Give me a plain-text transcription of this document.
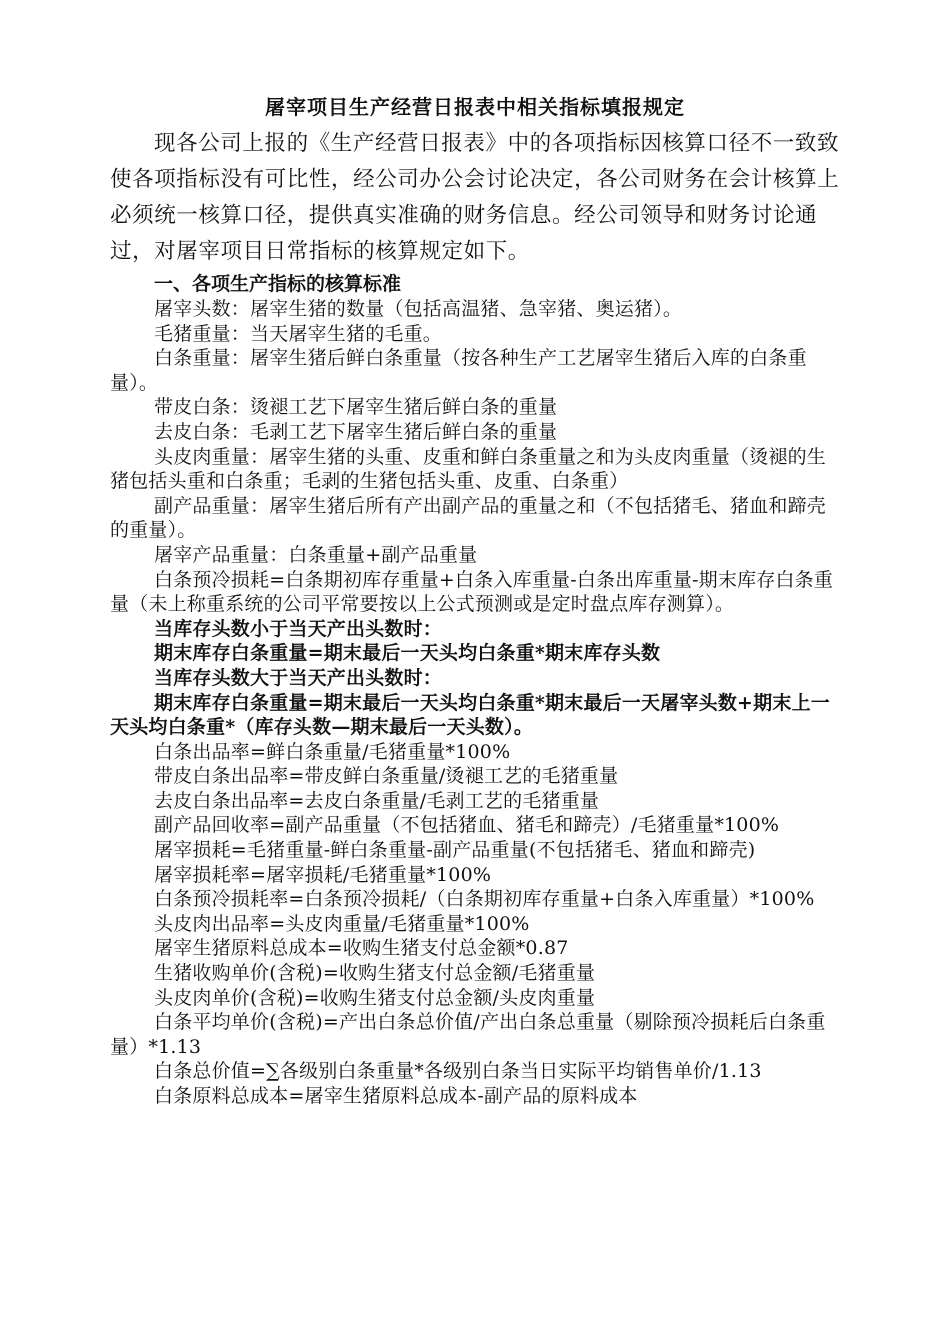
屠宰项目生产经营日报表中相关指标填报规定

现各公司上报的《生产经营日报表》中的各项指标因核算口径不一致致使各项指标没有可比性，经公司办公会讨论决定，各公司财务在会计核算上必须统一核算口径，提供真实准确的财务信息。经公司领导和财务讨论通过，对屠宰项目日常指标的核算规定如下。

一、各项生产指标的核算标准

屠宰头数：屠宰生猪的数量（包括高温猪、急宰猪、奥运猪）。

毛猪重量：当天屠宰生猪的毛重。

白条重量：屠宰生猪后鲜白条重量（按各种生产工艺屠宰生猪后入库的白条重量）。

带皮白条：烫褪工艺下屠宰生猪后鲜白条的重量

去皮白条：毛剥工艺下屠宰生猪后鲜白条的重量

头皮肉重量：屠宰生猪的头重、皮重和鲜白条重量之和为头皮肉重量（烫褪的生猪包括头重和白条重；毛剥的生猪包括头重、皮重、白条重）

副产品重量：屠宰生猪后所有产出副产品的重量之和（不包括猪毛、猪血和蹄壳的重量）。

屠宰产品重量：白条重量+副产品重量

白条预冷损耗=白条期初库存重量+白条入库重量-白条出库重量-期末库存白条重量（未上称重系统的公司平常要按以上公式预测或是定时盘点库存测算）。

当库存头数小于当天产出头数时：

期末库存白条重量=期末最后一天头均白条重*期末库存头数

当库存头数大于当天产出头数时：

期末库存白条重量=期末最后一天头均白条重*期末最后一天屠宰头数+期末上一天头均白条重*（库存头数—期末最后一天头数）。

白条出品率=鲜白条重量/毛猪重量*100%

带皮白条出品率=带皮鲜白条重量/烫褪工艺的毛猪重量

去皮白条出品率=去皮白条重量/毛剥工艺的毛猪重量

副产品回收率=副产品重量（不包括猪血、猪毛和蹄壳）/毛猪重量*100%

屠宰损耗=毛猪重量-鲜白条重量-副产品重量(不包括猪毛、猪血和蹄壳)

屠宰损耗率=屠宰损耗/毛猪重量*100%

白条预冷损耗率=白条预冷损耗/（白条期初库存重量+白条入库重量）*100%

头皮肉出品率=头皮肉重量/毛猪重量*100%

屠宰生猪原料总成本=收购生猪支付总金额*0.87

生猪收购单价(含税)=收购生猪支付总金额/毛猪重量

头皮肉单价(含税)=收购生猪支付总金额/头皮肉重量

白条平均单价(含税)=产出白条总价值/产出白条总重量（剔除预冷损耗后白条重量）*1.13

白条总价值=∑各级别白条重量*各级别白条当日实际平均销售单价/1.13

白条原料总成本=屠宰生猪原料总成本-副产品的原料成本
